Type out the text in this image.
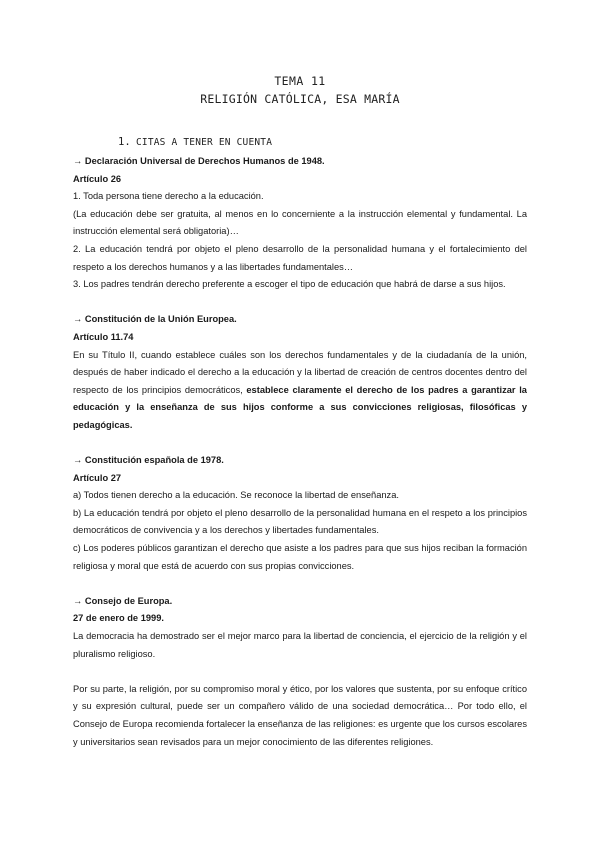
TEMA 11
RELIGIÓN CATÓLICA, ESA MARÍA
1. CITAS A TENER EN CUENTA

→ Declaración Universal de Derechos Humanos de 1948.

Artículo 26

1. Toda persona tiene derecho a la educación.

(La educación debe ser gratuita, al menos en lo concerniente a la instrucción elemental y fundamental. La instrucción elemental será obligatoria)…

2. La educación tendrá por objeto el pleno desarrollo de la personalidad humana y el fortalecimiento del respeto a los derechos humanos y a las libertades fundamentales…

3. Los padres tendrán derecho preferente a escoger el tipo de educación que habrá de darse a sus hijos.

→ Constitución de la Unión Europea.

Artículo 11.74

En su Título II, cuando establece cuáles son los derechos fundamentales y de la ciudadanía de la unión, después de haber indicado el derecho a la educación y la libertad de creación de centros docentes dentro del respecto de los principios democráticos, establece claramente el derecho de los padres a garantizar la educación y la enseñanza de sus hijos conforme a sus convicciones religiosas, filosóficas y pedagógicas.

→ Constitución española de 1978.

Artículo 27

a) Todos tienen derecho a la educación. Se reconoce la libertad de enseñanza.

b) La educación tendrá por objeto el pleno desarrollo de la personalidad humana en el respeto a los principios democráticos de convivencia y a los derechos y libertades fundamentales.

c) Los poderes públicos garantizan el derecho que asiste a los padres para que sus hijos reciban la formación religiosa y moral que está de acuerdo con sus propias convicciones.

→ Consejo de Europa.

27 de enero de 1999.

La democracia ha demostrado ser el mejor marco para la libertad de conciencia, el ejercicio de la religión y el pluralismo religioso.

Por su parte, la religión, por su compromiso moral y ético, por los valores que sustenta, por su enfoque crítico y su expresión cultural, puede ser un compañero válido de una sociedad democrática… Por todo ello, el Consejo de Europa recomienda fortalecer la enseñanza de las religiones: es urgente que los cursos escolares y universitarios sean revisados para un mejor conocimiento de las diferentes religiones.
